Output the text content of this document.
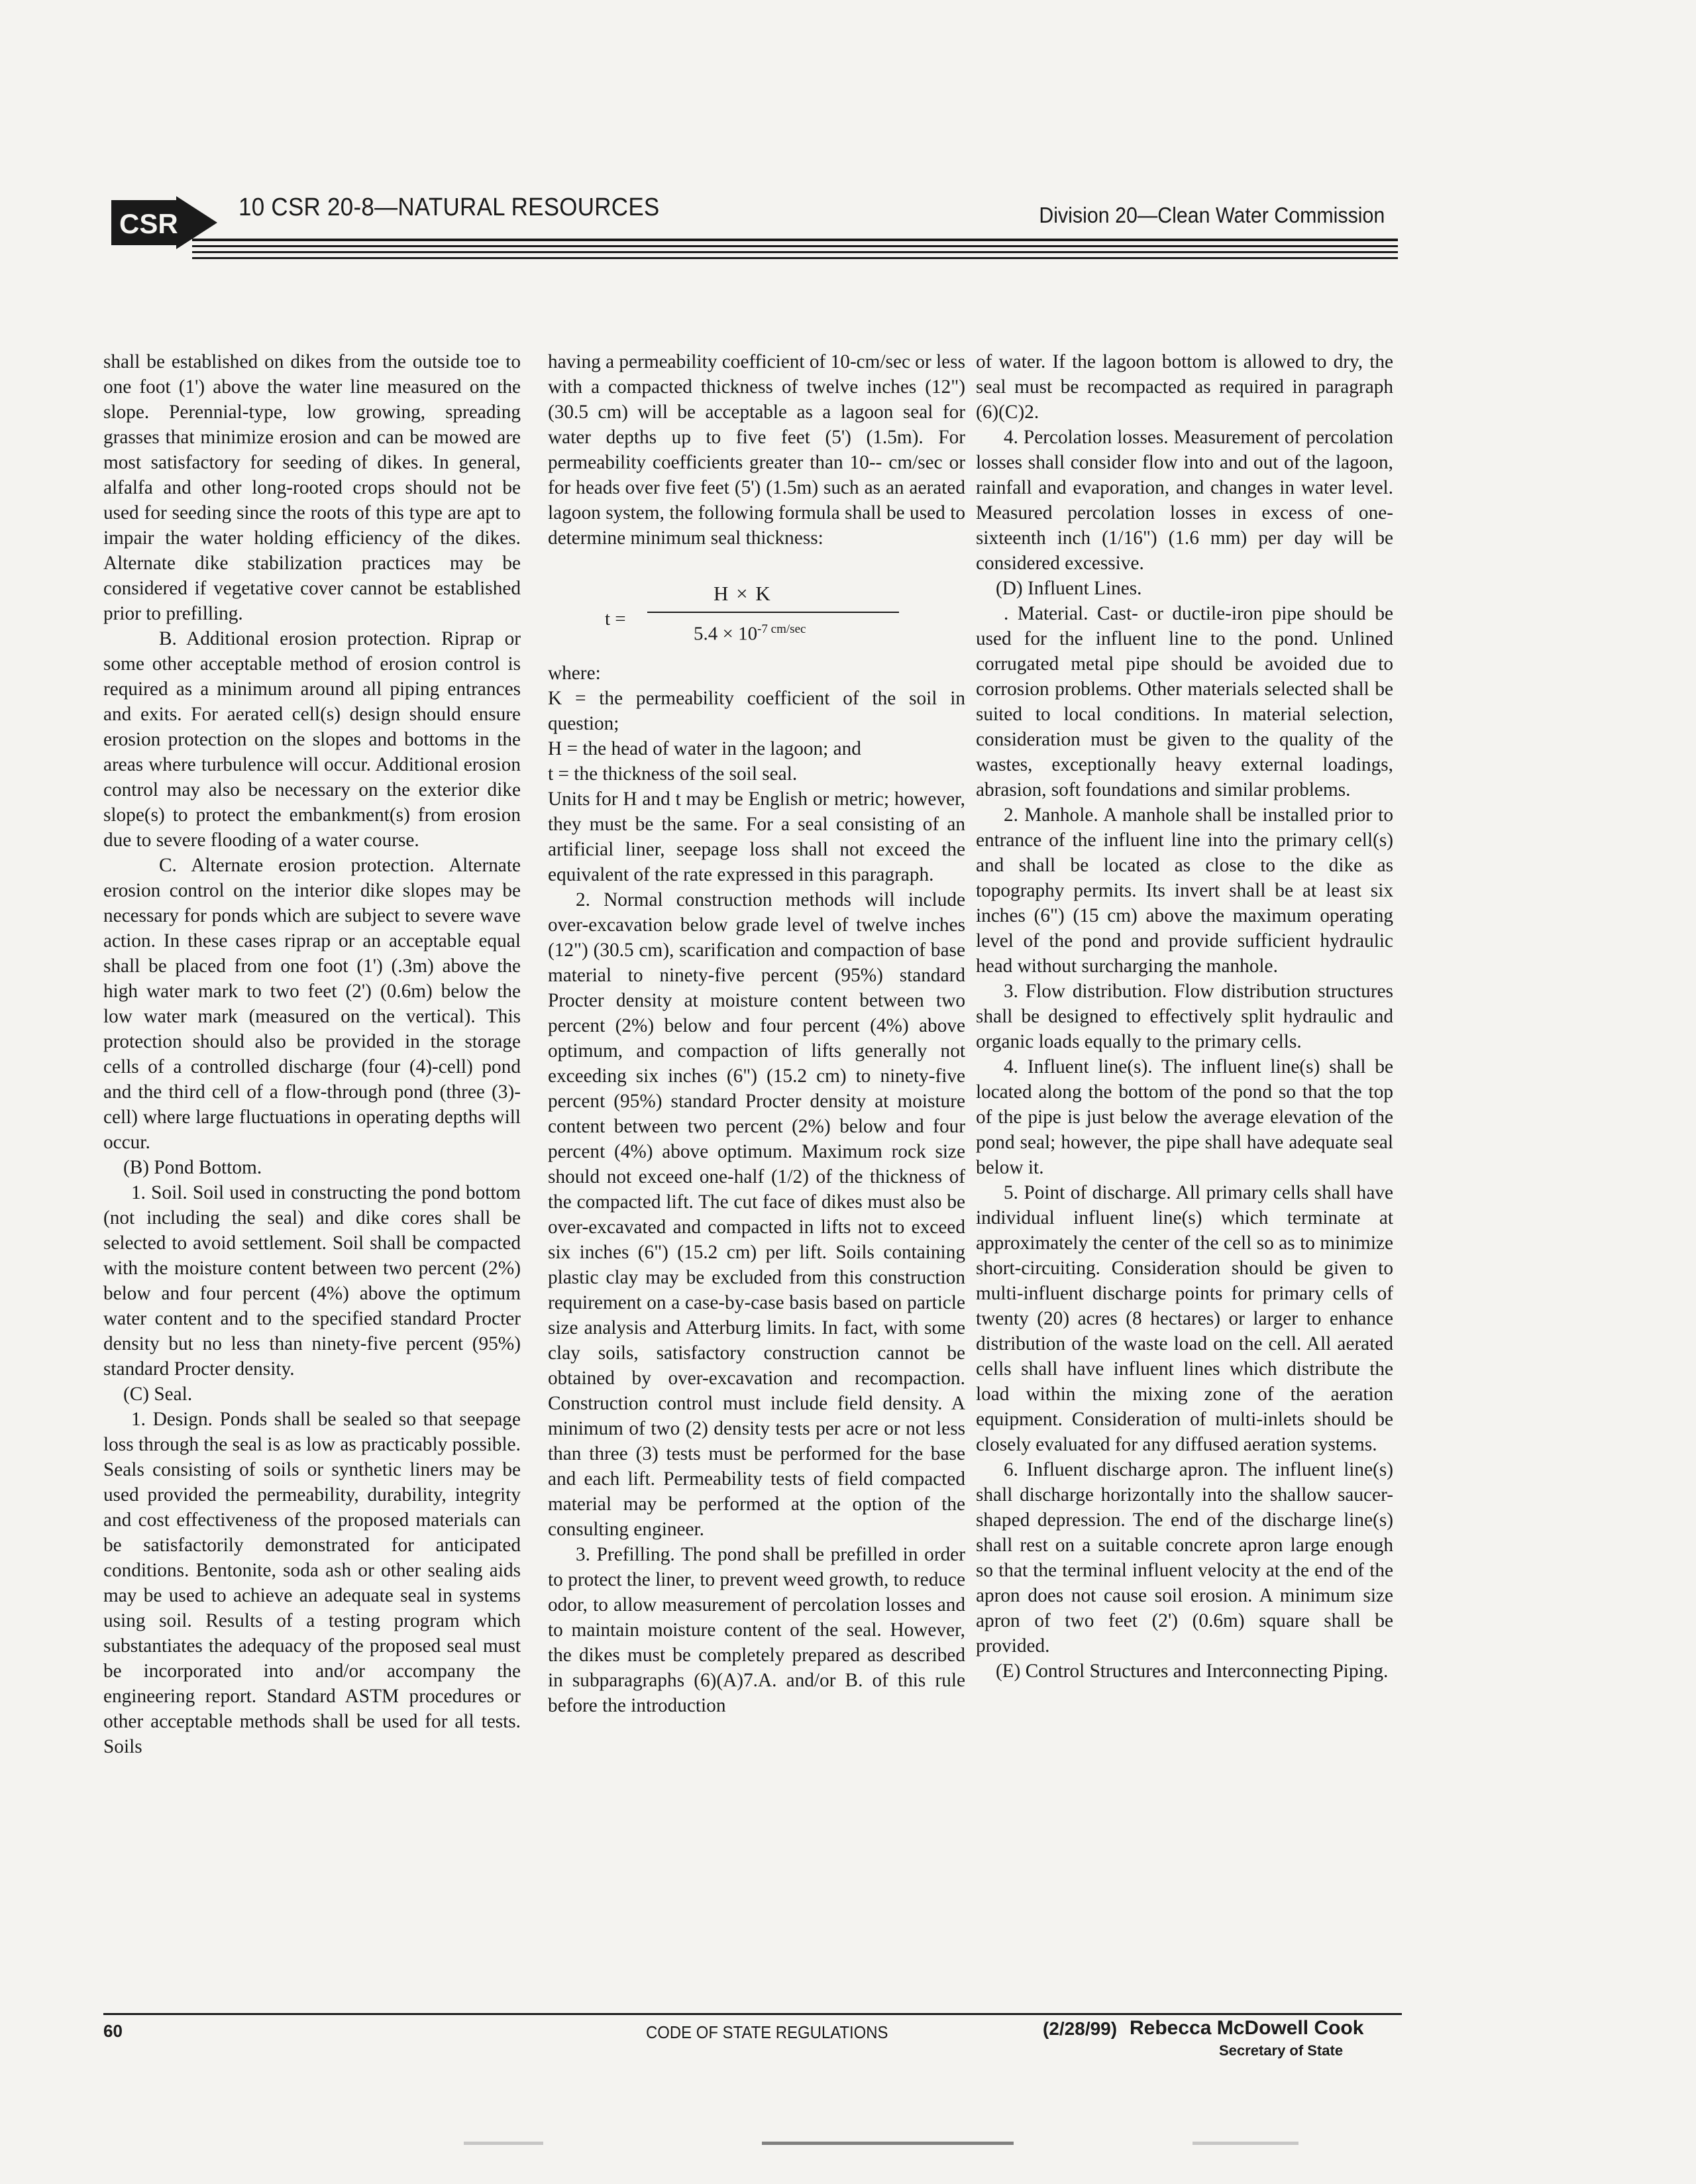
CSR
10 CSR 20-8—NATURAL RESOURCES	Division 20—Clean Water Commission

shall be established on dikes from the outside toe to one foot (1') above the water line measured on the slope. Perennial-type, low growing, spreading grasses that minimize erosion and can be mowed are most satisfactory for seeding of dikes. In general, alfalfa and other long-rooted crops should not be used for seeding since the roots of this type are apt to impair the water holding efficiency of the dikes. Alternate dike stabilization practices may be considered if vegetative cover cannot be established prior to prefilling.

B. Additional erosion protection. Riprap or some other acceptable method of erosion control is required as a minimum around all piping entrances and exits. For aerated cell(s) design should ensure erosion protection on the slopes and bottoms in the areas where turbulence will occur. Additional erosion control may also be necessary on the exterior dike slope(s) to protect the embankment(s) from erosion due to severe flooding of a water course.

C. Alternate erosion protection. Alternate erosion control on the interior dike slopes may be necessary for ponds which are subject to severe wave action. In these cases riprap or an acceptable equal shall be placed from one foot (1') (.3m) above the high water mark to two feet (2') (0.6m) below the low water mark (measured on the vertical). This protection should also be provided in the storage cells of a controlled discharge (four (4)-cell) pond and the third cell of a flow-through pond (three (3)-cell) where large fluctuations in operating depths will occur.

(B) Pond Bottom.

1. Soil. Soil used in constructing the pond bottom (not including the seal) and dike cores shall be selected to avoid settlement. Soil shall be compacted with the moisture content between two percent (2%) below and four percent (4%) above the optimum water content and to the specified standard Procter density but no less than ninety-five percent (95%) standard Procter density.

(C) Seal.

1. Design. Ponds shall be sealed so that seepage loss through the seal is as low as practicably possible. Seals consisting of soils or synthetic liners may be used provided the permeability, durability, integrity and cost effectiveness of the proposed materials can be satisfactorily demonstrated for anticipated conditions. Bentonite, soda ash or other sealing aids may be used to achieve an adequate seal in systems using soil. Results of a testing program which substantiates the adequacy of the proposed seal must be incorporated into and/or accompany the engineering report. Standard ASTM procedures or other acceptable methods shall be used for all tests. Soils

having a permeability coefficient of 10-cm/sec or less with a compacted thickness of twelve inches (12") (30.5 cm) will be acceptable as a lagoon seal for water depths up to five feet (5') (1.5m). For permeability coefficients greater than 10-- cm/sec or for heads over five feet (5') (1.5m) such as an aerated lagoon system, the following formula shall be used to determine minimum seal thickness:

t =
H × K
$5.4 \times 10^{-7 cm/sec}$

where:

K = the permeability coefficient of the soil in question;

H = the head of water in the lagoon; and

t = the thickness of the soil seal.

Units for H and t may be English or metric; however, they must be the same. For a seal consisting of an artificial liner, seepage loss shall not exceed the equivalent of the rate expressed in this paragraph.

2. Normal construction methods will include over-excavation below grade level of twelve inches (12") (30.5 cm), scarification and compaction of base material to ninety-five percent (95%) standard Procter density at moisture content between two percent (2%) below and four percent (4%) above optimum, and compaction of lifts generally not exceeding six inches (6") (15.2 cm) to ninety-five percent (95%) standard Procter density at moisture content between two percent (2%) below and four percent (4%) above optimum. Maximum rock size should not exceed one-half (1/2) of the thickness of the compacted lift. The cut face of dikes must also be over-excavated and compacted in lifts not to exceed six inches (6") (15.2 cm) per lift. Soils containing plastic clay may be excluded from this construction requirement on a case-by-case basis based on particle size analysis and Atterburg limits. In fact, with some clay soils, satisfactory construction cannot be obtained by over-excavation and recompaction. Construction control must include field density. A minimum of two (2) density tests per acre or not less than three (3) tests must be performed for the base and each lift. Permeability tests of field compacted material may be performed at the option of the consulting engineer.

3. Prefilling. The pond shall be prefilled in order to protect the liner, to prevent weed growth, to reduce odor, to allow measurement of percolation losses and to maintain moisture content of the seal. However, the dikes must be completely prepared as described in subparagraphs (6)(A)7.A. and/or B. of this rule before the introduction

of water. If the lagoon bottom is allowed to dry, the seal must be recompacted as required in paragraph (6)(C)2.

4. Percolation losses. Measurement of percolation losses shall consider flow into and out of the lagoon, rainfall and evaporation, and changes in water level. Measured percolation losses in excess of one-sixteenth inch (1/16") (1.6 mm) per day will be considered excessive.

(D) Influent Lines.

. Material. Cast- or ductile-iron pipe should be used for the influent line to the pond. Unlined corrugated metal pipe should be avoided due to corrosion problems. Other materials selected shall be suited to local conditions. In material selection, consideration must be given to the quality of the wastes, exceptionally heavy external loadings, abrasion, soft foundations and similar problems.

2. Manhole. A manhole shall be installed prior to entrance of the influent line into the primary cell(s) and shall be located as close to the dike as topography permits. Its invert shall be at least six inches (6") (15 cm) above the maximum operating level of the pond and provide sufficient hydraulic head without surcharging the manhole.

3. Flow distribution. Flow distribution structures shall be designed to effectively split hydraulic and organic loads equally to the primary cells.

4. Influent line(s). The influent line(s) shall be located along the bottom of the pond so that the top of the pipe is just below the average elevation of the pond seal; however, the pipe shall have adequate seal below it.

5. Point of discharge. All primary cells shall have individual influent line(s) which terminate at approximately the center of the cell so as to minimize short-circuiting. Consideration should be given to multi-influent discharge points for primary cells of twenty (20) acres (8 hectares) or larger to enhance distribution of the waste load on the cell. All aerated cells shall have influent lines which distribute the load within the mixing zone of the aeration equipment. Consideration of multi-inlets should be closely evaluated for any diffused aeration systems.

6. Influent discharge apron. The influent line(s) shall discharge horizontally into the shallow saucer-shaped depression. The end of the discharge line(s) shall rest on a suitable concrete apron large enough so that the terminal influent velocity at the end of the apron does not cause soil erosion. A minimum size apron of two feet (2') (0.6m) square shall be provided.

(E) Control Structures and Interconnecting Piping.

60	CODE OF STATE REGULATIONS	(2/28/99) Rebecca McDowell Cook
Secretary of State
